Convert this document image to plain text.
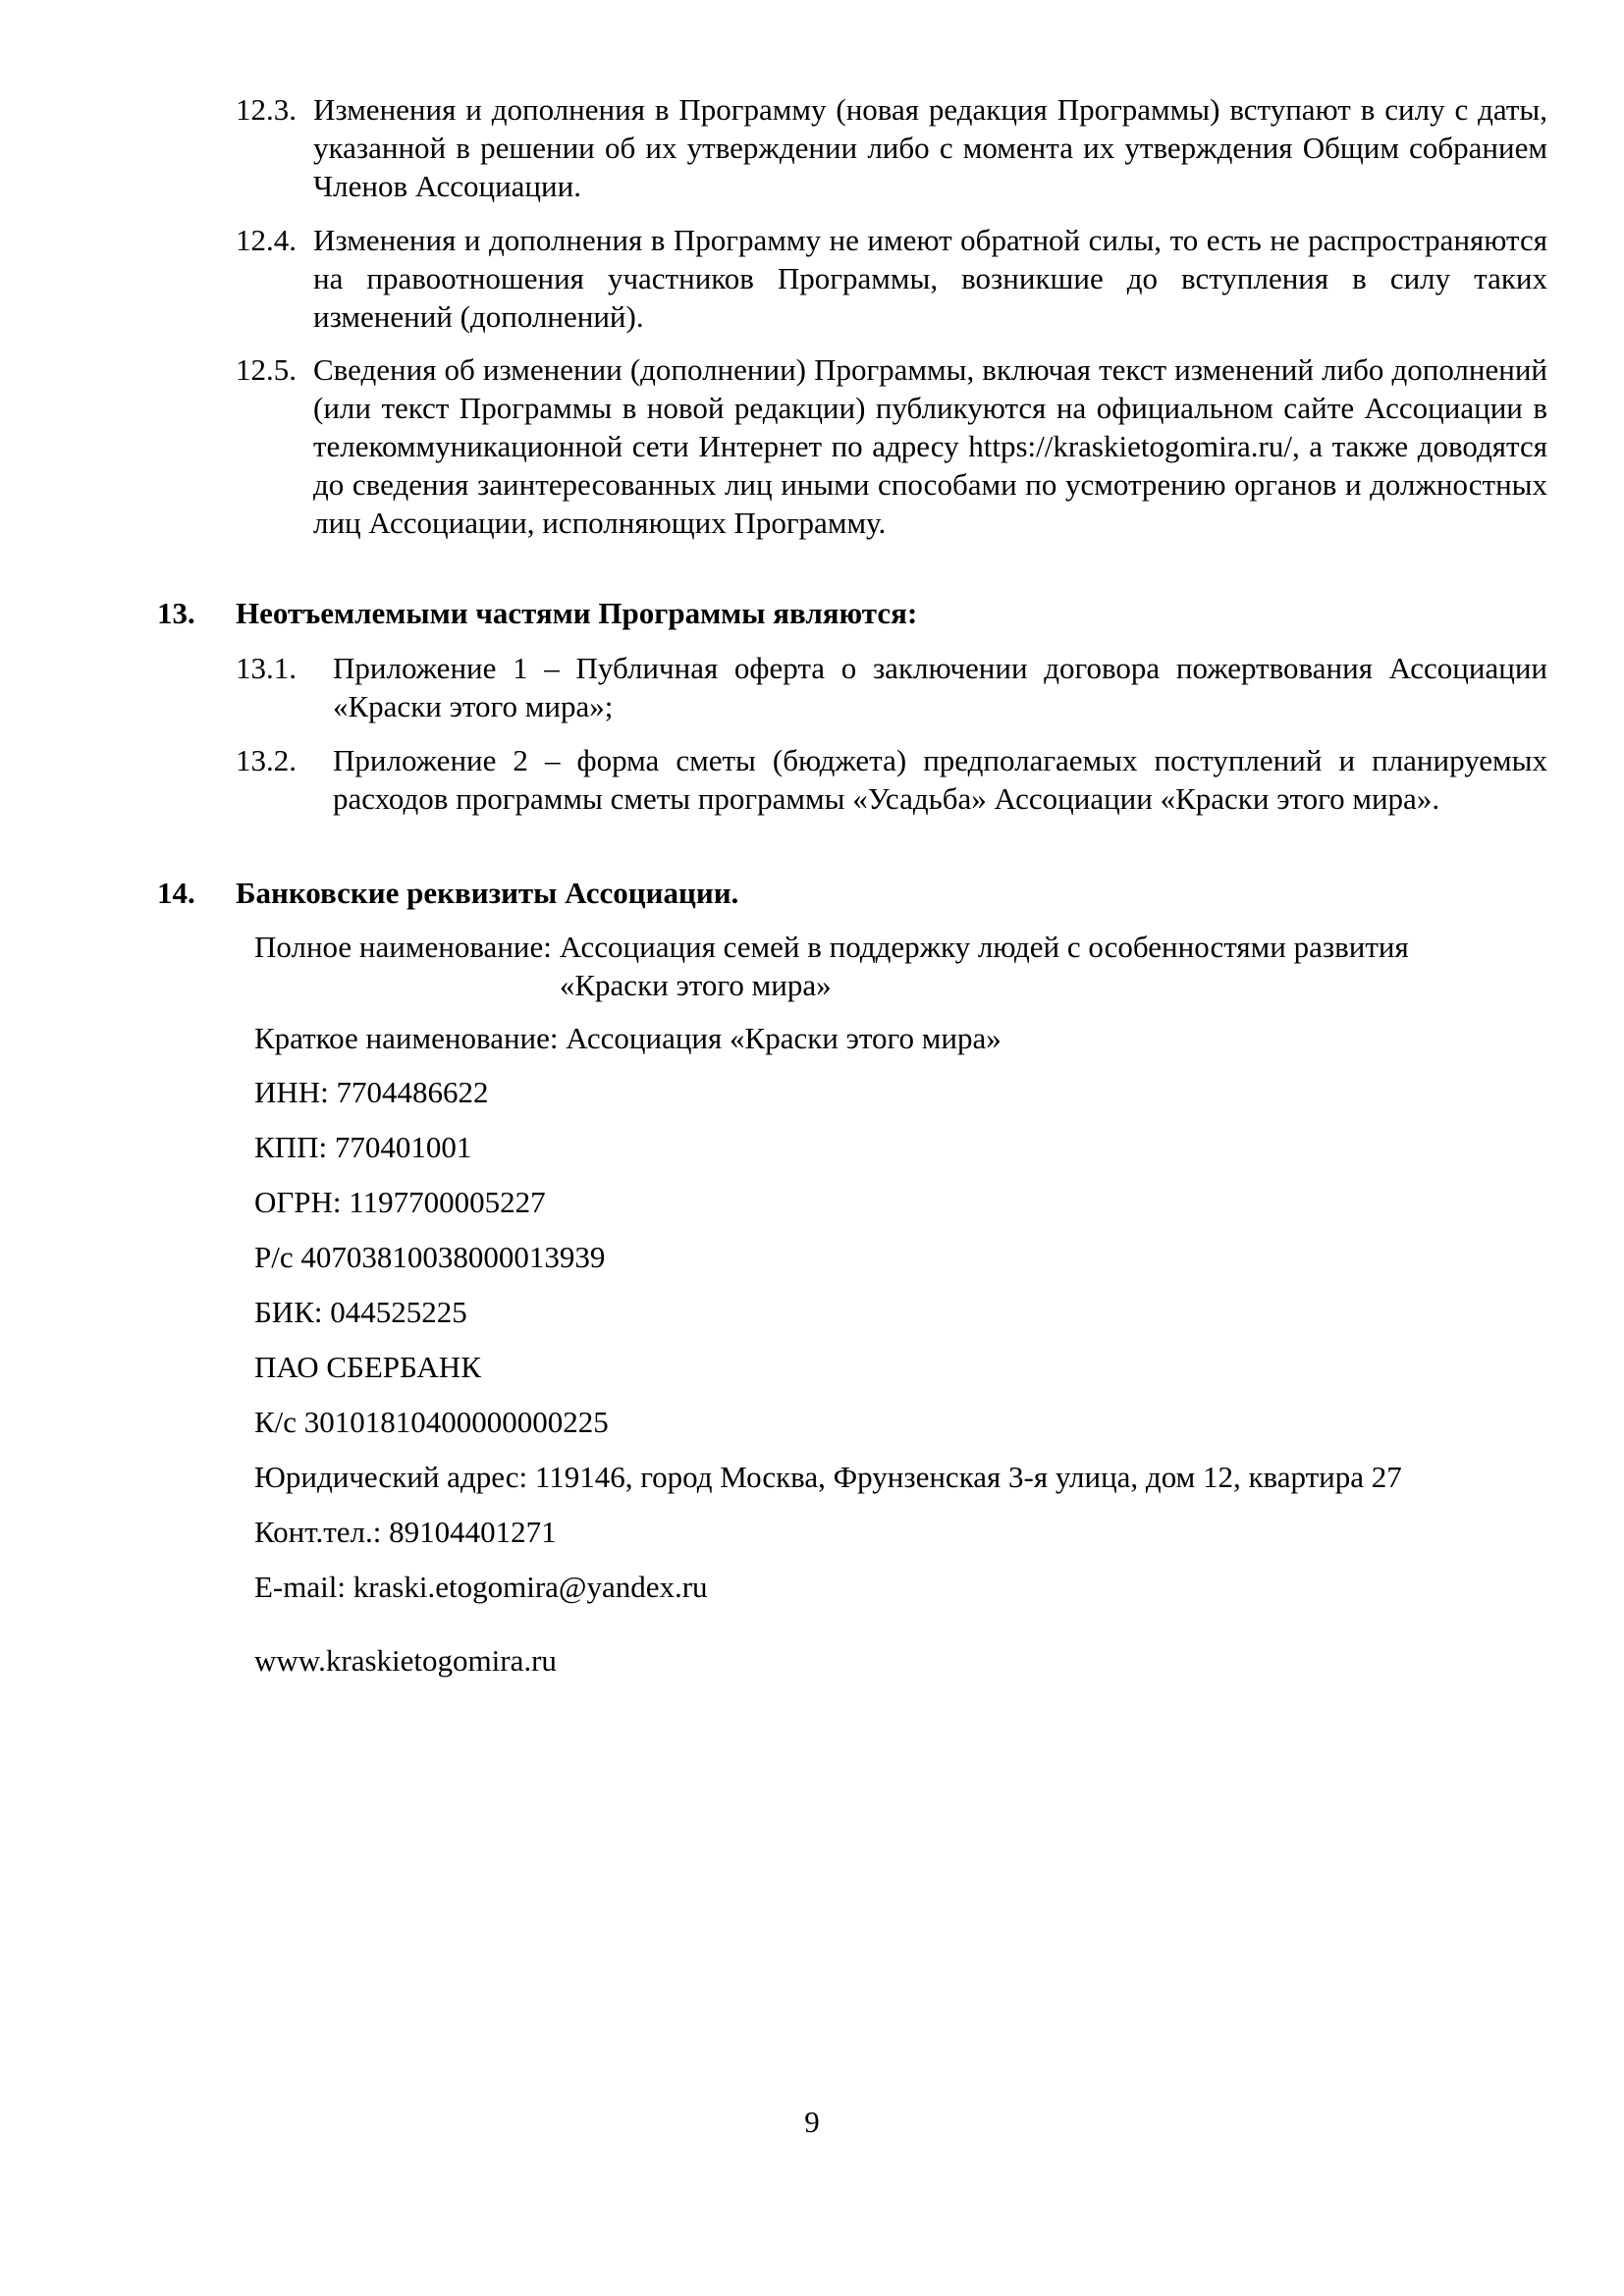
12.3. Изменения и дополнения в Программу (новая редакция Программы) вступают в силу с даты, указанной в решении об их утверждении либо с момента их утверждения Общим собранием Членов Ассоциации.
12.4. Изменения и дополнения в Программу не имеют обратной силы, то есть не распространяются на правоотношения участников Программы, возникшие до вступления в силу таких изменений (дополнений).
12.5. Сведения об изменении (дополнении) Программы, включая текст изменений либо дополнений (или текст Программы в новой редакции) публикуются на официальном сайте Ассоциации в телекоммуникационной сети Интернет по адресу https://kraskietogomira.ru/, а также доводятся до сведения заинтересованных лиц иными способами по усмотрению органов и должностных лиц Ассоциации, исполняющих Программу.
13.	Неотъемлемыми частями Программы являются:
13.1.	Приложение 1 – Публичная оферта о заключении договора пожертвования Ассоциации «Краски этого мира»;
13.2.	Приложение 2 – форма сметы (бюджета) предполагаемых поступлений и планируемых расходов программы сметы программы «Усадьба» Ассоциации «Краски этого мира».
14.	Банковские реквизиты Ассоциации.
Полное наименование: Ассоциация семей в поддержку людей с особенностями развития
«Краски этого мира»
Краткое наименование: Ассоциация «Краски этого мира»
ИНН: 7704486622
КПП: 770401001
ОГРН: 1197700005227
Р/с 40703810038000013939
БИК: 044525225
ПАО СБЕРБАНК
К/с 30101810400000000225
Юридический адрес: 119146, город Москва, Фрунзенская 3-я улица, дом 12, квартира 27
Конт.тел.: 89104401271
E-mail: kraski.etogomira@yandex.ru
www.kraskietogomira.ru
9
